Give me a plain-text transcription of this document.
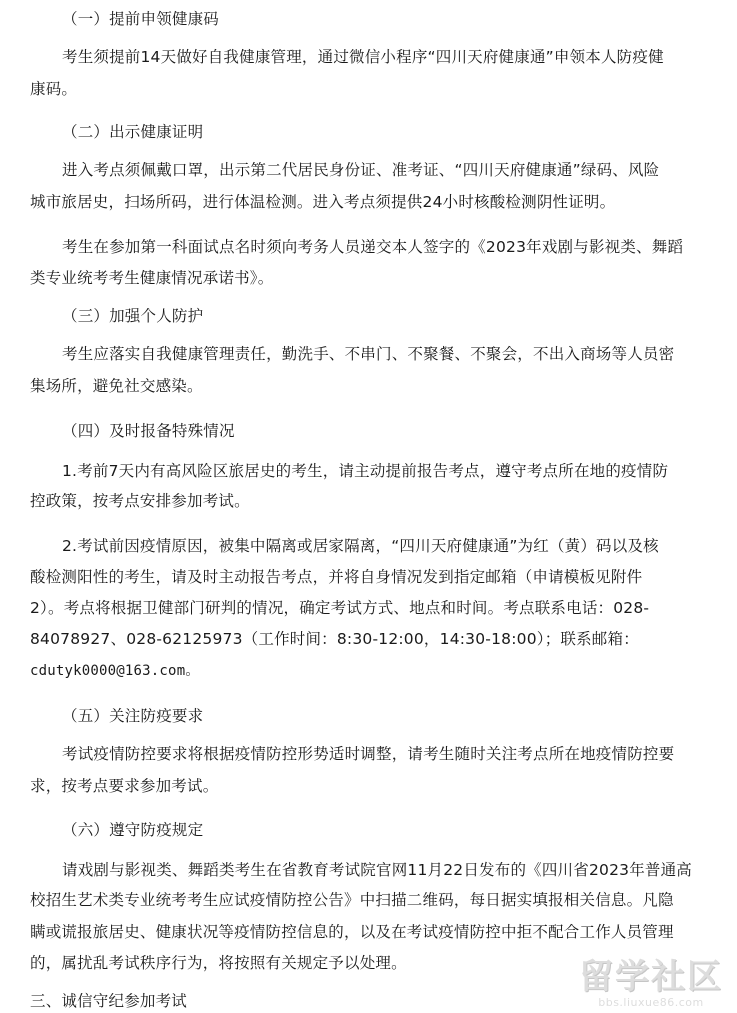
（一）提前申领健康码
考生须提前14天做好自我健康管理，通过微信小程序“四川天府健康通”申领本人防疫健
康码。
（二）出示健康证明
进入考点须佩戴口罩，出示第二代居民身份证、准考证、“四川天府健康通”绿码、风险
城市旅居史，扫场所码，进行体温检测。进入考点须提供24小时核酸检测阴性证明。
考生在参加第一科面试点名时须向考务人员递交本人签字的《2023年戏剧与影视类、舞蹈
类专业统考考生健康情况承诺书》。
（三）加强个人防护
考生应落实自我健康管理责任，勤洗手、不串门、不聚餐、不聚会，不出入商场等人员密
集场所，避免社交感染。
（四）及时报备特殊情况
1.考前7天内有高风险区旅居史的考生，请主动提前报告考点，遵守考点所在地的疫情防
控政策，按考点安排参加考试。
2.考试前因疫情原因，被集中隔离或居家隔离，“四川天府健康通”为红（黄）码以及核
酸检测阳性的考生，请及时主动报告考点，并将自身情况发到指定邮箱（申请模板见附件
2）。考点将根据卫健部门研判的情况，确定考试方式、地点和时间。考点联系电话：028-
84078927、028-62125973（工作时间：8:30-12:00，14:30-18:00）；联系邮箱：
cdutyk0000@163.com。
（五）关注防疫要求
考试疫情防控要求将根据疫情防控形势适时调整，请考生随时关注考点所在地疫情防控要
求，按考点要求参加考试。
（六）遵守防疫规定
请戏剧与影视类、舞蹈类考生在省教育考试院官网11月22日发布的《四川省2023年普通高
校招生艺术类专业统考考生应试疫情防控公告》中扫描二维码，每日据实填报相关信息。凡隐
瞒或谎报旅居史、健康状况等疫情防控信息的，以及在考试疫情防控中拒不配合工作人员管理
的，属扰乱考试秩序行为，将按照有关规定予以处理。
三、诚信守纪参加考试
留学社区
bbs.liuxue86.com
